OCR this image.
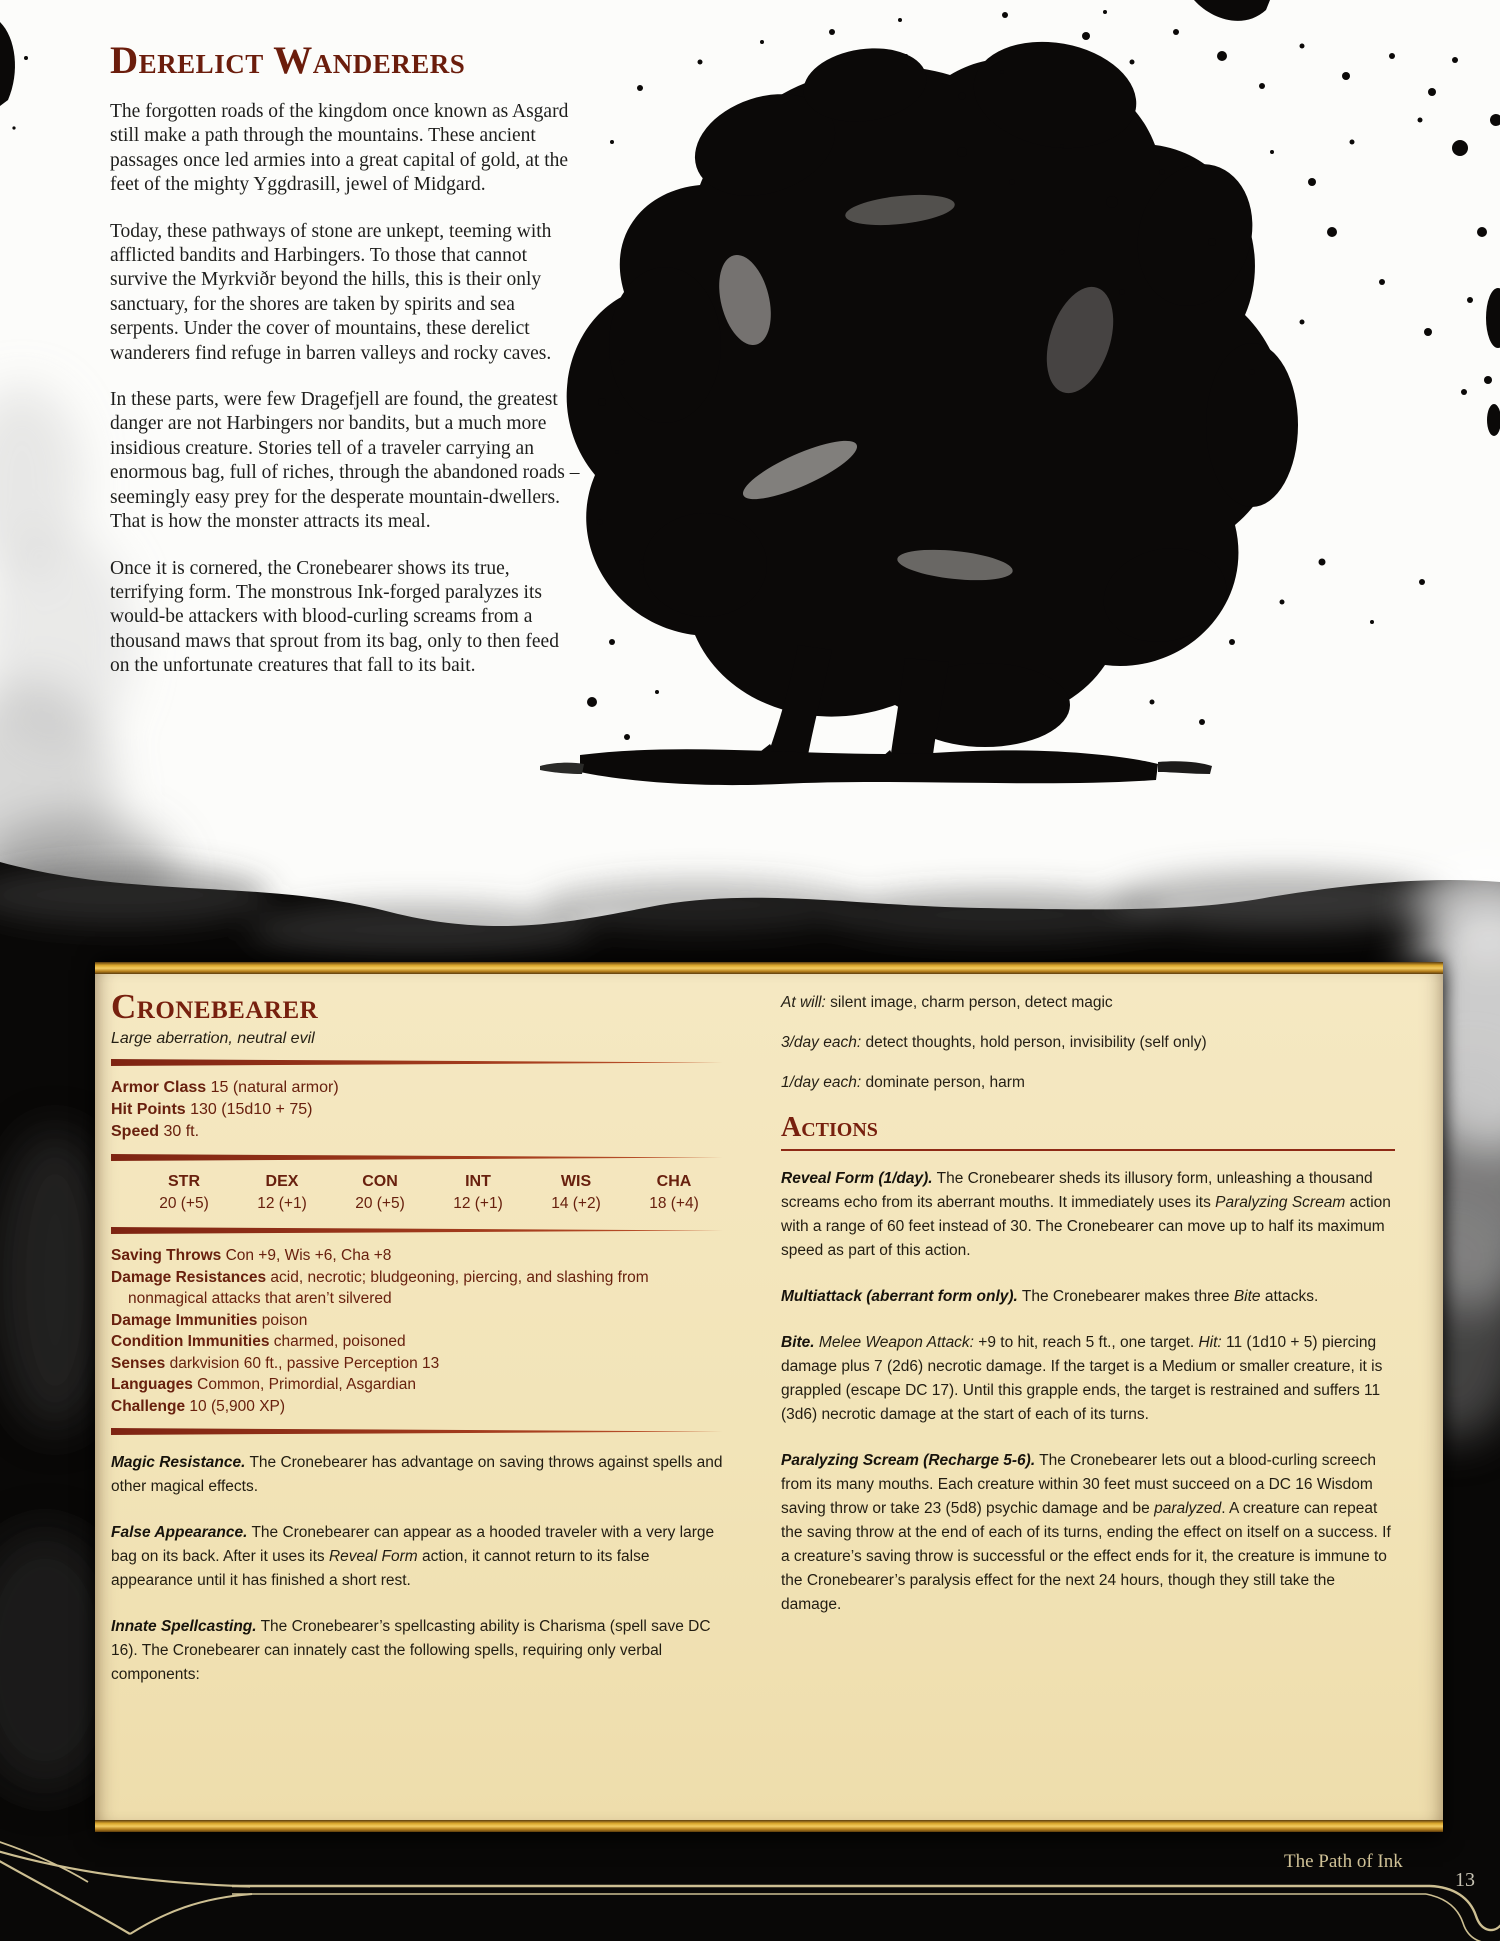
Derelict Wanderers

The forgotten roads of the kingdom once known as Asgard still make a path through the mountains. These ancient passages once led armies into a great capital of gold, at the feet of the mighty Yggdrasill, jewel of Midgard.

Today, these pathways of stone are unkept, teeming with afflicted bandits and Harbingers. To those that cannot survive the Myrkviðr beyond the hills, this is their only sanctuary, for the shores are taken by spirits and sea serpents. Under the cover of mountains, these derelict wanderers find refuge in barren valleys and rocky caves.

In these parts, were few Dragefjell are found, the greatest danger are not Harbingers nor bandits, but a much more insidious creature. Stories tell of a traveler carrying an enormous bag, full of riches, through the abandoned roads – seemingly easy prey for the desperate mountain-dwellers. That is how the monster attracts its meal.

Once it is cornered, the Cronebearer shows its true, terrifying form. The monstrous Ink-forged paralyzes its would-be attackers with blood-curling screams from a thousand maws that sprout from its bag, only to then feed on the unfortunate creatures that fall to its bait.

Cronebearer
Large aberration, neutral evil
Armor Class 15 (natural armor)
Hit Points 130 (15d10 + 75)
Speed 30 ft.
STR
20 (+5)
DEX
12 (+1)
CON
20 (+5)
INT
12 (+1)
WIS
14 (+2)
CHA
18 (+4)
Saving Throws Con +9, Wis +6, Cha +8
Damage Resistances acid, necrotic; bludgeoning, piercing, and slashing from nonmagical attacks that aren’t silvered
Damage Immunities poison
Condition Immunities charmed, poisoned
Senses darkvision 60 ft., passive Perception 13
Languages Common, Primordial, Asgardian
Challenge 10 (5,900 XP)

Magic Resistance. The Cronebearer has advantage on saving throws against spells and other magical effects.

False Appearance. The Cronebearer can appear as a hooded traveler with a very large bag on its back. After it uses its Reveal Form action, it cannot return to its false appearance until it has finished a short rest.

Innate Spellcasting. The Cronebearer’s spellcasting ability is Charisma (spell save DC 16). The Cronebearer can innately cast the following spells, requiring only verbal components:

At will: silent image, charm person, detect magic
3/day each: detect thoughts, hold person, invisibility (self only)
1/day each: dominate person, harm
Actions

Reveal Form (1/day). The Cronebearer sheds its illusory form, unleashing a thousand screams echo from its aberrant mouths. It immediately uses its Paralyzing Scream action with a range of 60 feet instead of 30. The Cronebearer can move up to half its maximum speed as part of this action.

Multiattack (aberrant form only). The Cronebearer makes three Bite attacks.

Bite. Melee Weapon Attack: +9 to hit, reach 5 ft., one target. Hit: 11 (1d10 + 5) piercing damage plus 7 (2d6) necrotic damage. If the target is a Medium or smaller creature, it is grappled (escape DC 17). Until this grapple ends, the target is restrained and suffers 11 (3d6) necrotic damage at the start of each of its turns.

Paralyzing Scream (Recharge 5-6). The Cronebearer lets out a blood-curling screech from its many mouths. Each creature within 30 feet must succeed on a DC 16 Wisdom saving throw or take 23 (5d8) psychic damage and be paralyzed. A creature can repeat the saving throw at the end of each of its turns, ending the effect on itself on a success. If a creature’s saving throw is successful or the effect ends for it, the creature is immune to the Cronebearer’s paralysis effect for the next 24 hours, though they still take the damage.

The Path of Ink
13
